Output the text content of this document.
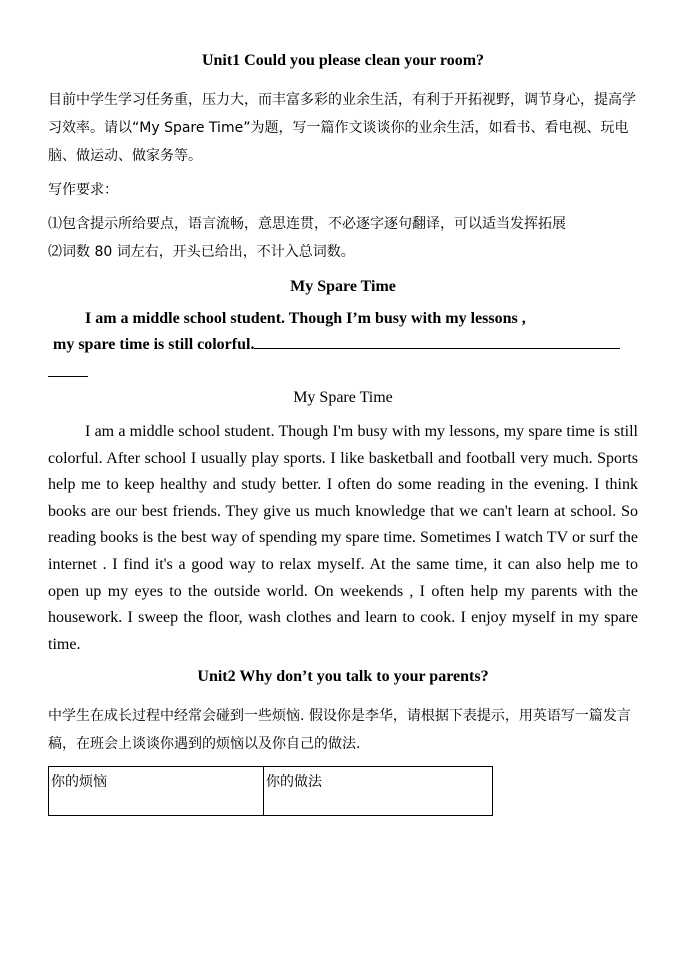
Unit1 Could you please clean your room?

目前中学生学习任务重，压力大，而丰富多彩的业余生活，有利于开拓视野，调节身心，提高学习效率。请以“My Spare Time”为题，写一篇作文谈谈你的业余生活，如看书、看电视、玩电脑、做运动、做家务等。

写作要求：

⑴包含提示所给要点，语言流畅，意思连贯，不必逐字逐句翻译，可以适当发挥拓展

⑵词数 80 词左右，开头已给出，不计入总词数。

My Spare Time

I am a middle school student. Though I’m busy with my lessons ,
my spare time is still colorful.

My Spare Time

I am a middle school student. Though I'm busy with my lessons, my spare time is still colorful. After school I usually play sports. I like basketball and football very much. Sports help me to keep healthy and study better. I often do some reading in the evening. I think books are our best friends. They give us much knowledge that we can't learn at school. So reading books is the best way of spending my spare time. Sometimes I watch TV or surf the internet . I find it's a good way to relax myself. At the same time, it can also help me to open up my eyes to the outside world. On weekends , I often help my parents with the housework. I sweep the floor, wash clothes and learn to cook. I enjoy myself in my spare time.

Unit2 Why don’t you talk to your parents?

中学生在成长过程中经常会碰到一些烦恼. 假设你是李华，请根据下表提示，用英语写一篇发言稿，在班会上谈谈你遇到的烦恼以及你自己的做法.

你的烦恼	你的做法
